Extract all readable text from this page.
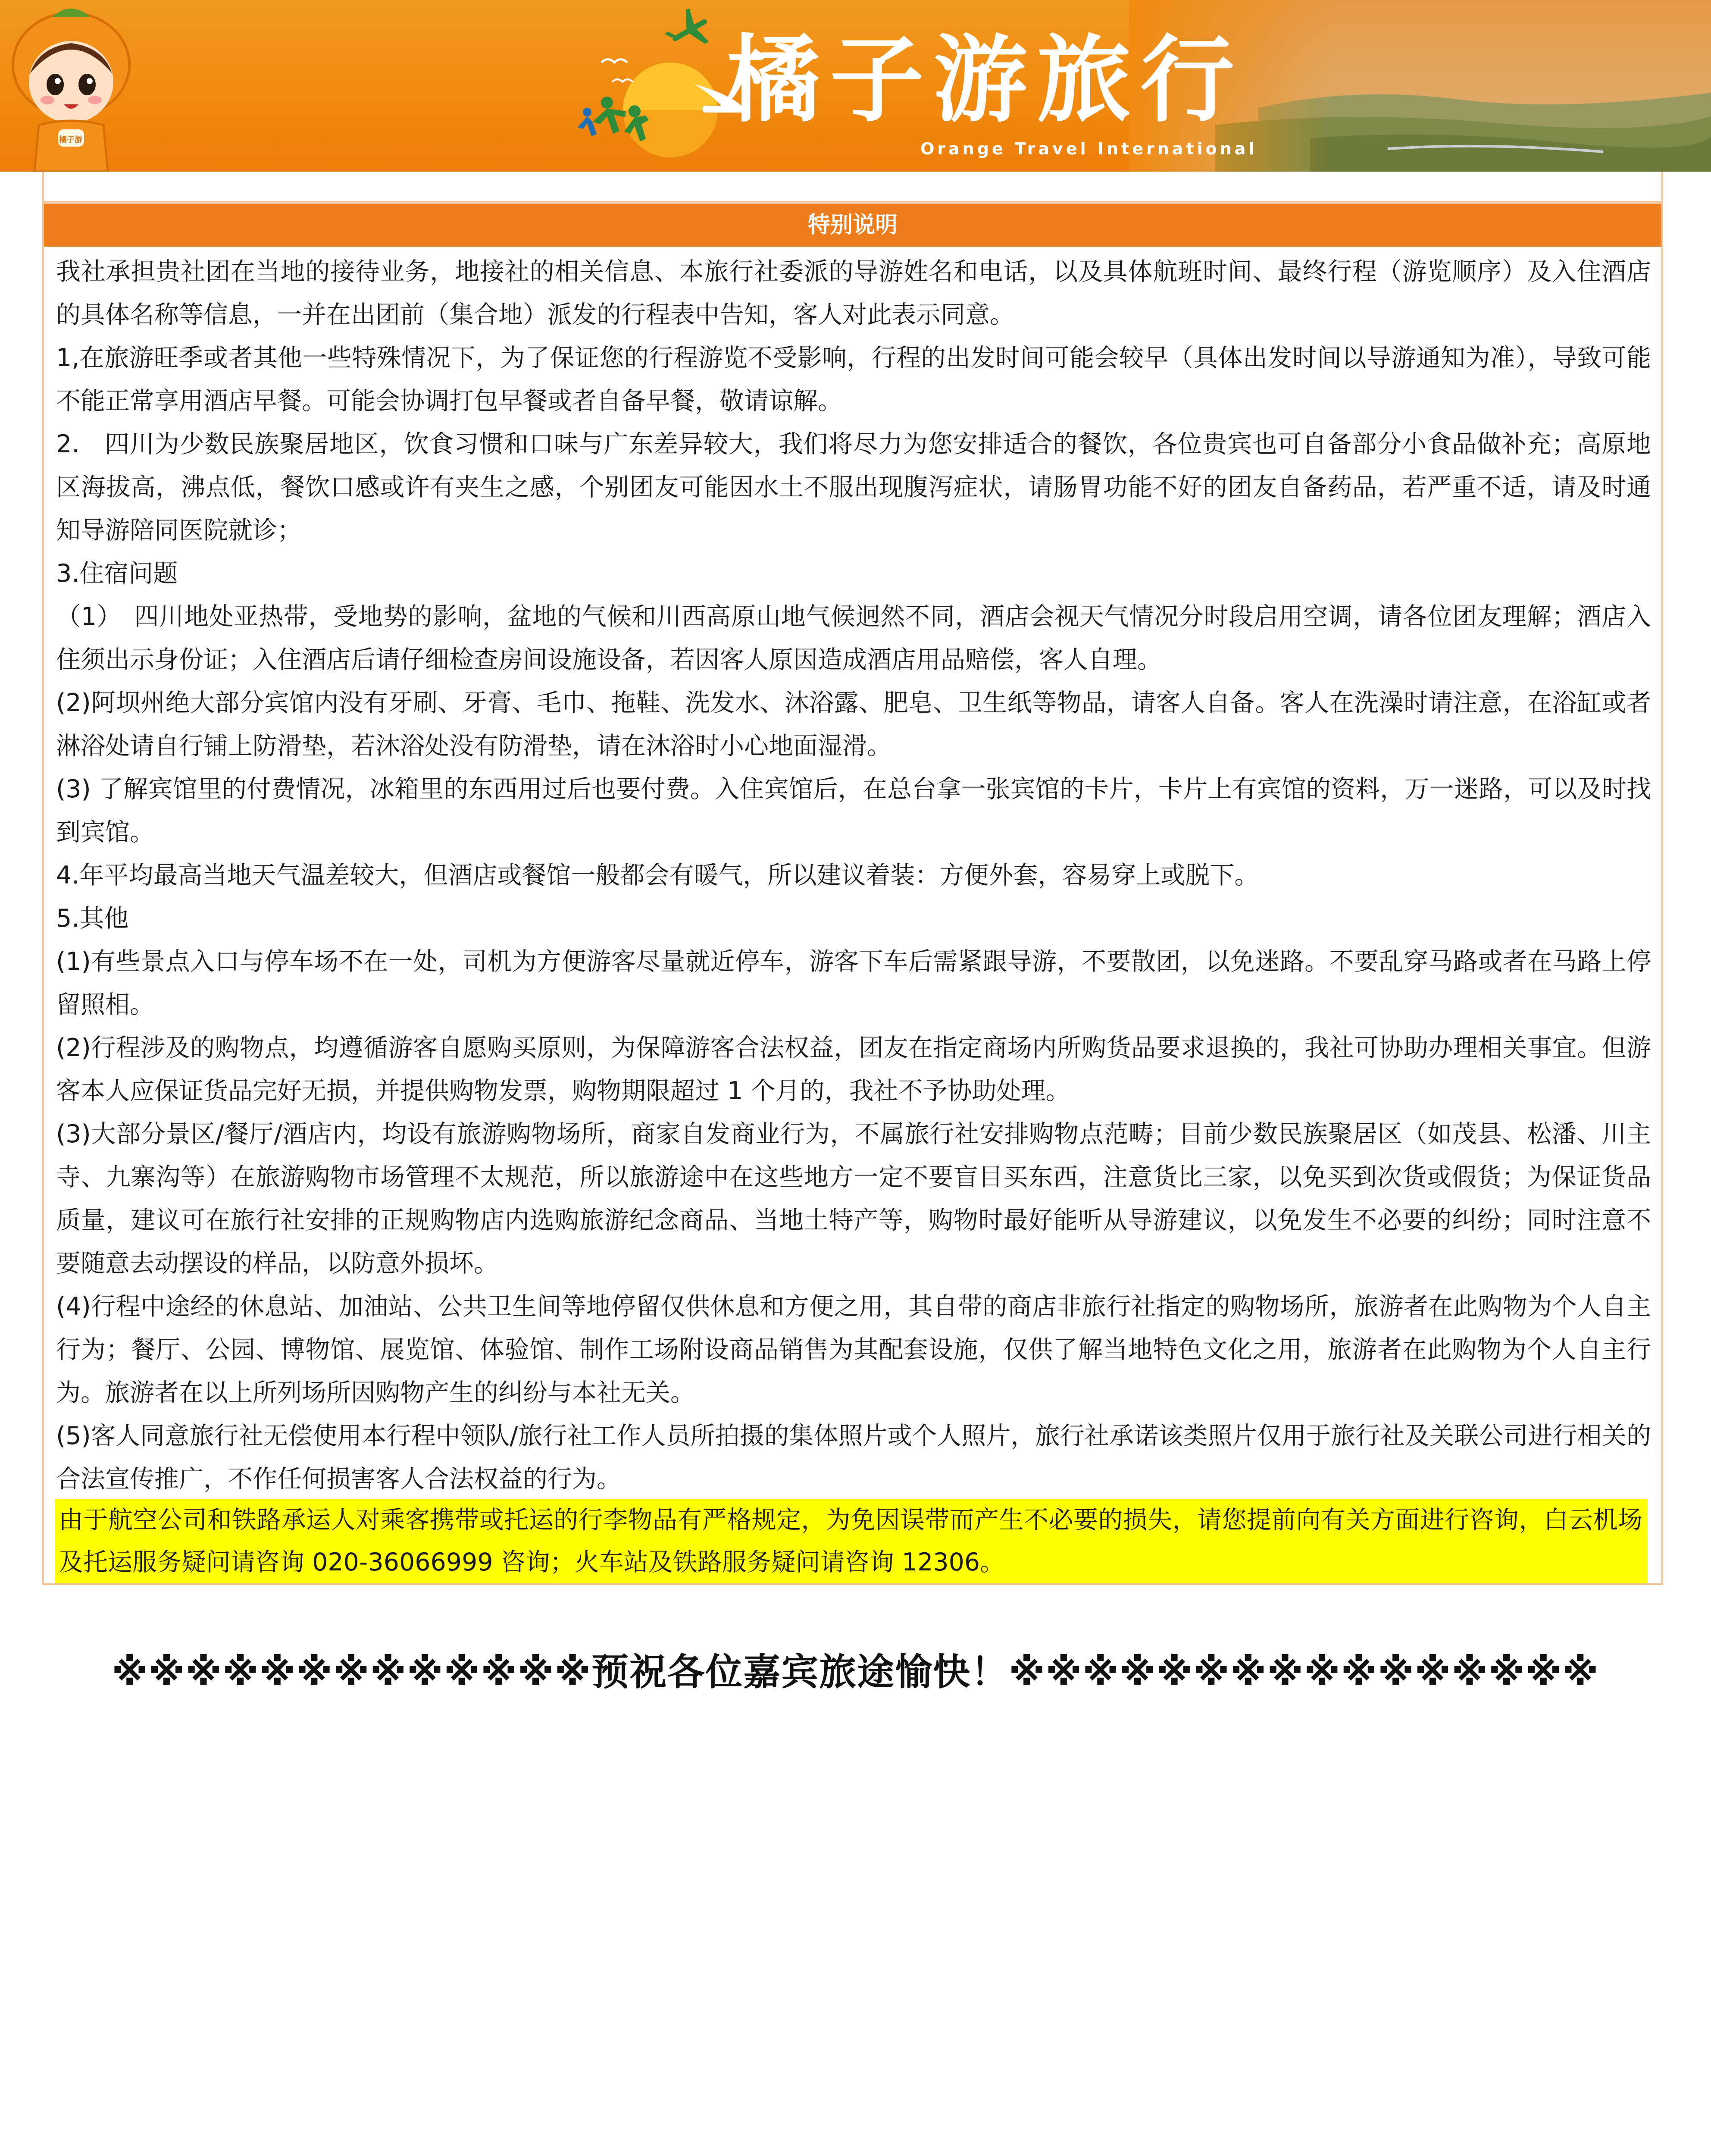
橘子游
橘子游旅行
Orange Travel International
特别说明

我社承担贵社团在当地的接待业务，地接社的相关信息、本旅行社委派的导游姓名和电话，以及具体航班时间、最终行程（游览顺序）及入住酒店的具体名称等信息，一并在出团前（集合地）派发的行程表中告知，客人对此表示同意。

1,在旅游旺季或者其他一些特殊情况下，为了保证您的行程游览不受影响，行程的出发时间可能会较早（具体出发时间以导游通知为准），导致可能不能正常享用酒店早餐。可能会协调打包早餐或者自备早餐，敬请谅解。

2.　四川为少数民族聚居地区，饮食习惯和口味与广东差异较大，我们将尽力为您安排适合的餐饮，各位贵宾也可自备部分小食品做补充；高原地区海拔高，沸点低，餐饮口感或许有夹生之感，个别团友可能因水土不服出现腹泻症状，请肠胃功能不好的团友自备药品，若严重不适，请及时通知导游陪同医院就诊；

3.住宿问题

（1）　四川地处亚热带，受地势的影响，盆地的气候和川西高原山地气候迥然不同，酒店会视天气情况分时段启用空调，请各位团友理解；酒店入住须出示身份证；入住酒店后请仔细检查房间设施设备，若因客人原因造成酒店用品赔偿，客人自理。

(2)阿坝州绝大部分宾馆内没有牙刷、牙膏、毛巾、拖鞋、洗发水、沐浴露、肥皂、卫生纸等物品，请客人自备。客人在洗澡时请注意，在浴缸或者淋浴处请自行铺上防滑垫，若沐浴处没有防滑垫，请在沐浴时小心地面湿滑。

(3) 了解宾馆里的付费情况，冰箱里的东西用过后也要付费。入住宾馆后，在总台拿一张宾馆的卡片，卡片上有宾馆的资料，万一迷路，可以及时找到宾馆。

4.年平均最高当地天气温差较大，但酒店或餐馆一般都会有暖气，所以建议着装：方便外套，容易穿上或脱下。

5.其他

(1)有些景点入口与停车场不在一处，司机为方便游客尽量就近停车，游客下车后需紧跟导游，不要散团，以免迷路。不要乱穿马路或者在马路上停留照相。

(2)行程涉及的购物点，均遵循游客自愿购买原则，为保障游客合法权益，团友在指定商场内所购货品要求退换的，我社可协助办理相关事宜。但游客本人应保证货品完好无损，并提供购物发票，购物期限超过 1 个月的，我社不予协助处理。

(3)大部分景区/餐厅/酒店内，均设有旅游购物场所，商家自发商业行为，不属旅行社安排购物点范畴；目前少数民族聚居区（如茂县、松潘、川主寺、九寨沟等）在旅游购物市场管理不太规范，所以旅游途中在这些地方一定不要盲目买东西，注意货比三家，以免买到次货或假货；为保证货品质量，建议可在旅行社安排的正规购物店内选购旅游纪念商品、当地土特产等，购物时最好能听从导游建议，以免发生不必要的纠纷；同时注意不要随意去动摆设的样品，以防意外损坏。

(4)行程中途经的休息站、加油站、公共卫生间等地停留仅供休息和方便之用，其自带的商店非旅行社指定的购物场所，旅游者在此购物为个人自主行为；餐厅、公园、博物馆、展览馆、体验馆、制作工场附设商品销售为其配套设施，仅供了解当地特色文化之用，旅游者在此购物为个人自主行为。旅游者在以上所列场所因购物产生的纠纷与本社无关。

(5)客人同意旅行社无偿使用本行程中领队/旅行社工作人员所拍摄的集体照片或个人照片，旅行社承诺该类照片仅用于旅行社及关联公司进行相关的合法宣传推广，不作任何损害客人合法权益的行为。

由于航空公司和铁路承运人对乘客携带或托运的行李物品有严格规定，为免因误带而产生不必要的损失，请您提前向有关方面进行咨询，白云机场及托运服务疑问请咨询 020-36066999 咨询；火车站及铁路服务疑问请咨询 12306。
※※※※※※※※※※※※※预祝各位嘉宾旅途愉快！※※※※※※※※※※※※※※※※
